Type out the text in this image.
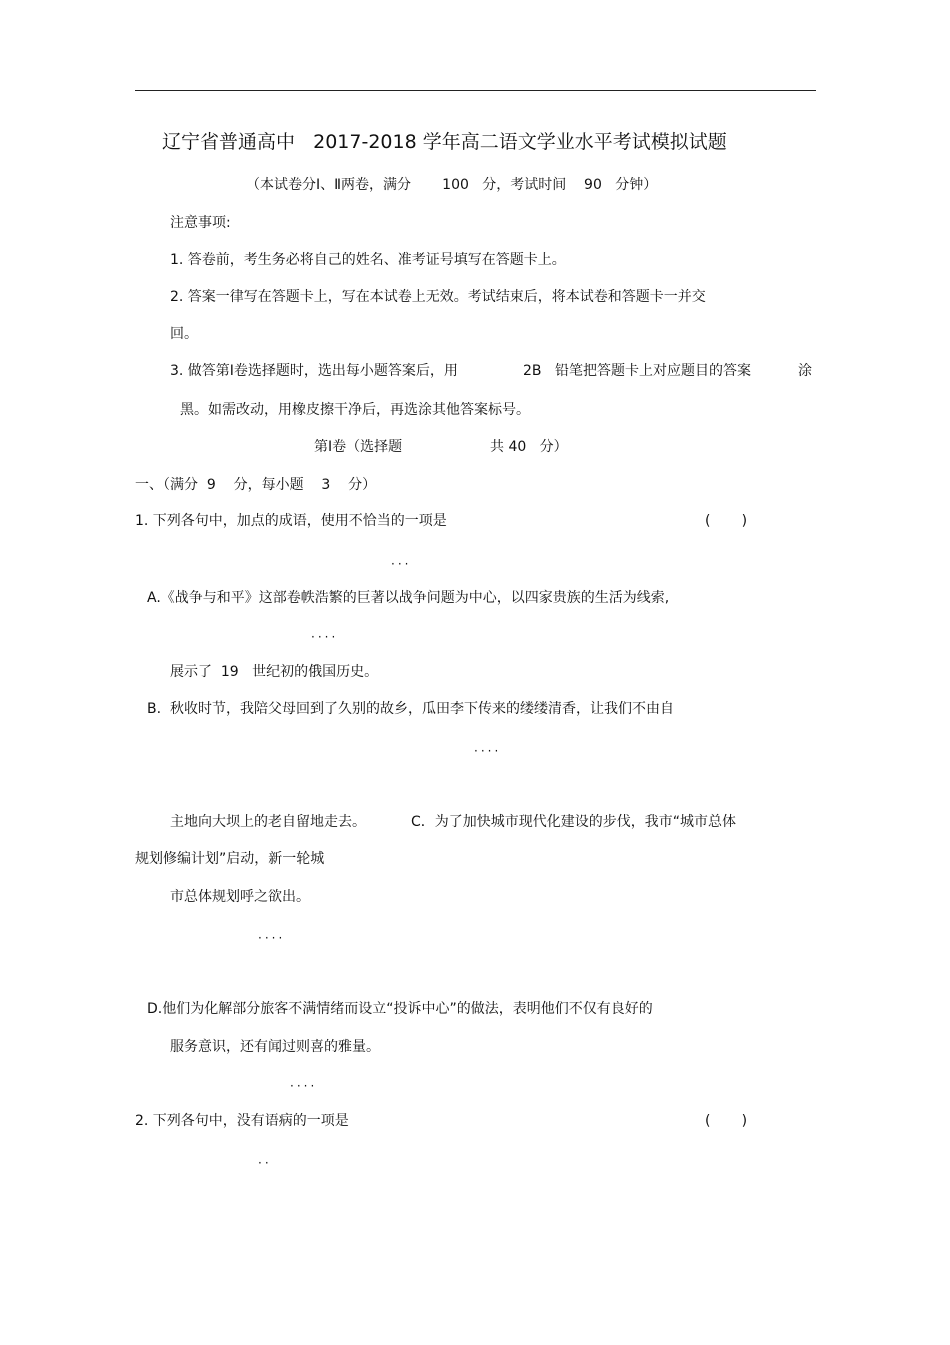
辽宁省普通高中   2017-2018 学年高二语文学业水平考试模拟试题
（本试卷分Ⅰ、Ⅱ两卷，满分       100   分，考试时间    90   分钟）
注意事项:
1. 答卷前，考生务必将自己的姓名、准考证号填写在答题卡上。
2. 答案一律写在答题卡上，写在本试卷上无效。考试结束后，将本试卷和答题卡一并交
回。
3. 做答第Ⅰ卷选择题时，选出每小题答案后，用	2B 铅笔把答题卡上对应题目的答案	涂
黑。如需改动，用橡皮擦干净后，再选涂其他答案标号。
第Ⅰ卷（选择题	共 40   分）
一、（满分  9    分，每小题    3    分）
1. 下列各句中，加点的成语，使用不恰当的一项是	(       )
···
A.《战争与和平》这部卷帙浩繁的巨著以战争问题为中心，以四家贵族的生活为线索,
····
展示了  19   世纪初的俄国历史。
B.  秋收时节，我陪父母回到了久别的故乡，瓜田李下传来的缕缕清香，让我们不由自
····
主地向大坝上的老自留地走去。	C．为了加快城市现代化建设的步伐，我市“城市总体
规划修编计划”启动，新一轮城
市总体规划呼之欲出。
····
D.他们为化解部分旅客不满情绪而设立“投诉中心”的做法，表明他们不仅有良好的
服务意识，还有闻过则喜的雅量。
····
2. 下列各句中，没有语病的一项是	(       )
··
